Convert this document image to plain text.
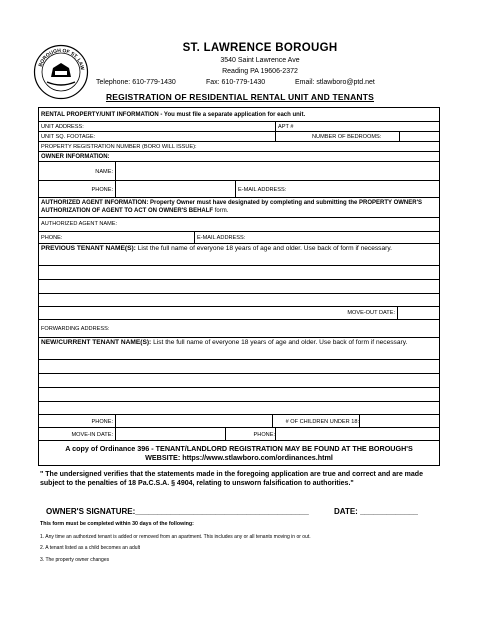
BOROUGH OF ST. LAW
ST. LAWRENCE BOROUGH
3540 Saint Lawrence Ave
Reading PA 19606-2372
Telephone: 610-779-1430	Fax: 610-779-1430	Email: stlawboro@ptd.net
REGISTRATION OF RESIDENTIAL RENTAL UNIT AND TENANTS
RENTAL PROPERTY/UNIT INFORMATION - You must file a separate application for each unit.
UNIT ADDRESS:	APT #
UNIT SQ. FOOTAGE:	NUMBER OF BEDROOMS:
PROPERTY REGISTRATION NUMBER (BORO WILL ISSUE):
OWNER INFORMATION:
NAME:
PHONE:	E-MAIL ADDRESS:
AUTHORIZED AGENT INFORMATION: Property Owner must have designated by completing and submitting the PROPERTY OWNER'S AUTHORIZATION OF AGENT TO ACT ON OWNER'S BEHALF form.
AUTHORIZED AGENT NAME:
PHONE:	E-MAIL ADDRESS:
PREVIOUS TENANT NAME(S): List the full name of everyone 18 years of age and older. Use back of form if necessary.
MOVE-OUT DATE:
FORWARDING ADDRESS:
NEW/CURRENT TENANT NAME(S): List the full name of everyone 18 years of age and older. Use back of form if necessary.
PHONE:	# OF CHILDREN UNDER 18:
MOVE-IN DATE:	PHONE:
A copy of Ordinance 396 - TENANT/LANDLORD REGISTRATION MAY BE FOUND AT THE BOROUGH'S WEBSITE: https://www.stlawboro.com/ordinances.html
" The undersigned verifies that the statements made in the foregoing application are true and correct and are made subject to the penalties of 18 Pa.C.S.A. § 4904, relating to unsworn falsification to authorities."
OWNER'S SIGNATURE:_______________________________________	DATE: _____________
This form must be completed within 30 days of the following:
1. Any time an authorized tenant is added or removed from an apartment. This includes any or all tenants moving in or out.
2. A tenant listed as a child becomes an adult
3. The property owner changes
